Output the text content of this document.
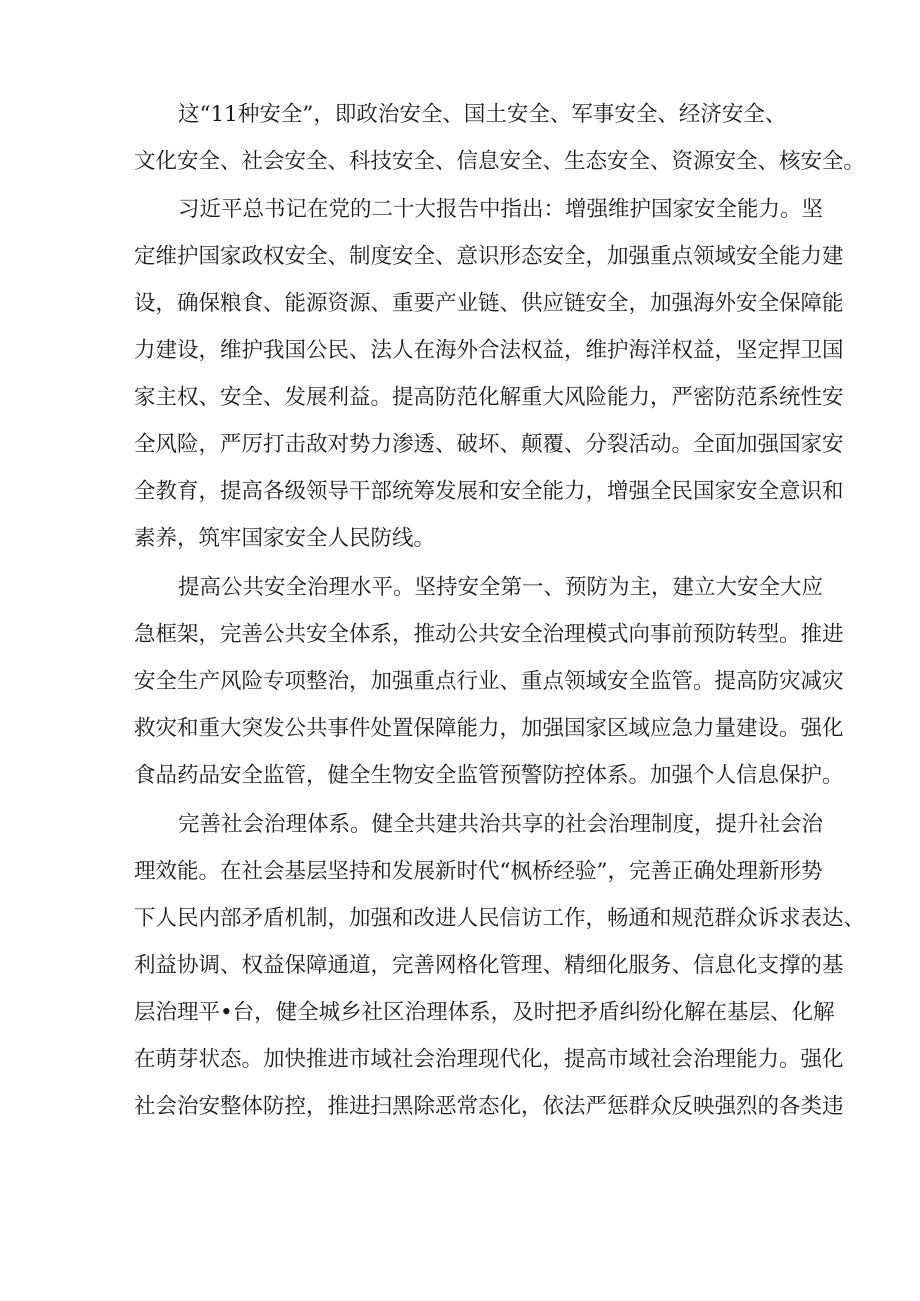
这“11种安全”，即政治安全、国土安全、军事安全、经济安全、
文化安全、社会安全、科技安全、信息安全、生态安全、资源安全、核安全。
习近平总书记在党的二十大报告中指出：增强维护国家安全能力。坚
定维护国家政权安全、制度安全、意识形态安全，加强重点领域安全能力建
设，确保粮食、能源资源、重要产业链、供应链安全，加强海外安全保障能
力建设，维护我国公民、法人在海外合法权益，维护海洋权益，坚定捍卫国
家主权、安全、发展利益。提高防范化解重大风险能力，严密防范系统性安
全风险，严厉打击敌对势力渗透、破坏、颠覆、分裂活动。全面加强国家安
全教育，提高各级领导干部统筹发展和安全能力，增强全民国家安全意识和
素养，筑牢国家安全人民防线。
提高公共安全治理水平。坚持安全第一、预防为主，建立大安全大应
急框架，完善公共安全体系，推动公共安全治理模式向事前预防转型。推进
安全生产风险专项整治，加强重点行业、重点领域安全监管。提高防灾减灾
救灾和重大突发公共事件处置保障能力，加强国家区域应急力量建设。强化
食品药品安全监管，健全生物安全监管预警防控体系。加强个人信息保护。
完善社会治理体系。健全共建共治共享的社会治理制度，提升社会治
理效能。在社会基层坚持和发展新时代“枫桥经验”，完善正确处理新形势
下人民内部矛盾机制，加强和改进人民信访工作，畅通和规范群众诉求表达、
利益协调、权益保障通道，完善网格化管理、精细化服务、信息化支撑的基
层治理平•台，健全城乡社区治理体系，及时把矛盾纠纷化解在基层、化解
在萌芽状态。加快推进市域社会治理现代化，提高市域社会治理能力。强化
社会治安整体防控，推进扫黑除恶常态化，依法严惩群众反映强烈的各类违
